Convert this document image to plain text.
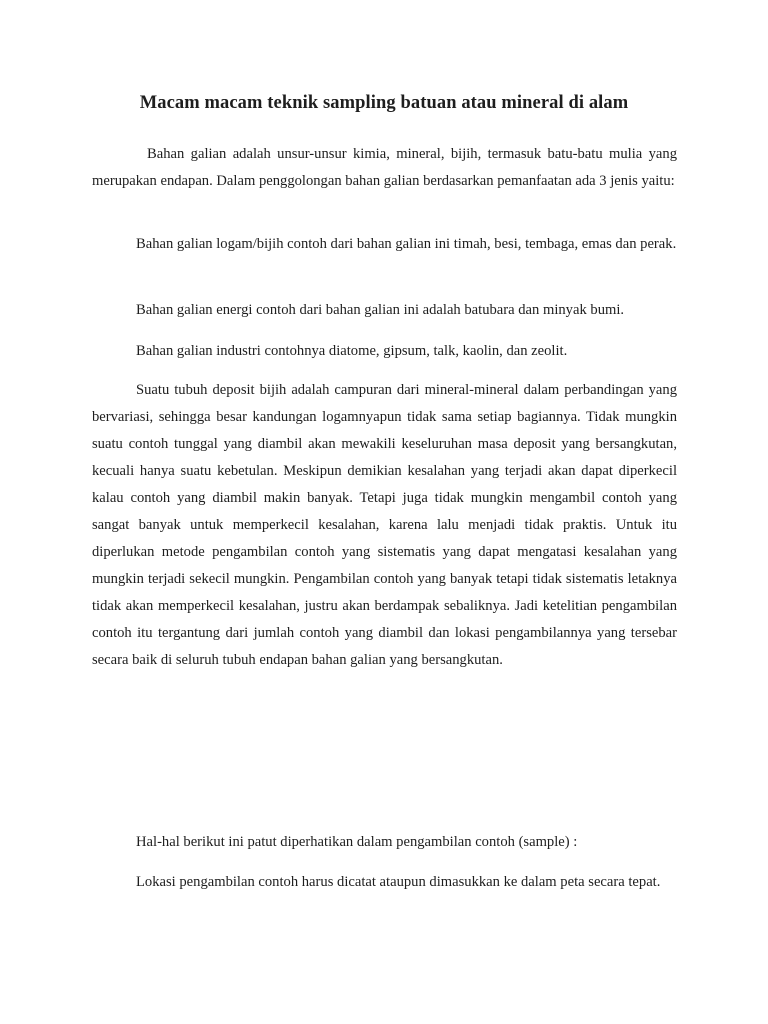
Macam macam teknik sampling batuan atau mineral di alam

Bahan galian adalah unsur-unsur kimia, mineral, bijih, termasuk batu-batu mulia yang merupakan endapan. Dalam penggolongan bahan galian berdasarkan pemanfaatan ada 3 jenis yaitu:

Bahan galian logam/bijih contoh dari bahan galian ini timah, besi, tembaga, emas dan perak.

Bahan galian energi contoh dari bahan galian ini adalah batubara dan minyak bumi.

Bahan galian industri contohnya diatome, gipsum, talk, kaolin, dan zeolit.

Suatu tubuh deposit bijih adalah campuran dari mineral-mineral dalam perbandingan yang bervariasi, sehingga besar kandungan logamnyapun tidak sama setiap bagiannya. Tidak mungkin suatu contoh tunggal yang diambil akan mewakili keseluruhan masa deposit yang bersangkutan, kecuali hanya suatu kebetulan. Meskipun demikian kesalahan yang terjadi akan dapat diperkecil kalau contoh yang diambil makin banyak. Tetapi juga tidak mungkin mengambil contoh yang sangat banyak untuk memperkecil kesalahan, karena lalu menjadi tidak praktis. Untuk itu diperlukan metode pengambilan contoh yang sistematis yang dapat mengatasi kesalahan yang mungkin terjadi sekecil mungkin. Pengambilan contoh yang banyak tetapi tidak sistematis letaknya tidak akan memperkecil kesalahan, justru akan berdampak sebaliknya. Jadi ketelitian pengambilan contoh itu tergantung dari jumlah contoh yang diambil dan lokasi pengambilannya yang tersebar secara baik di seluruh tubuh endapan bahan galian yang bersangkutan.

Hal-hal berikut ini patut diperhatikan dalam pengambilan contoh (sample) :

Lokasi pengambilan contoh harus dicatat ataupun dimasukkan ke dalam peta secara tepat.
